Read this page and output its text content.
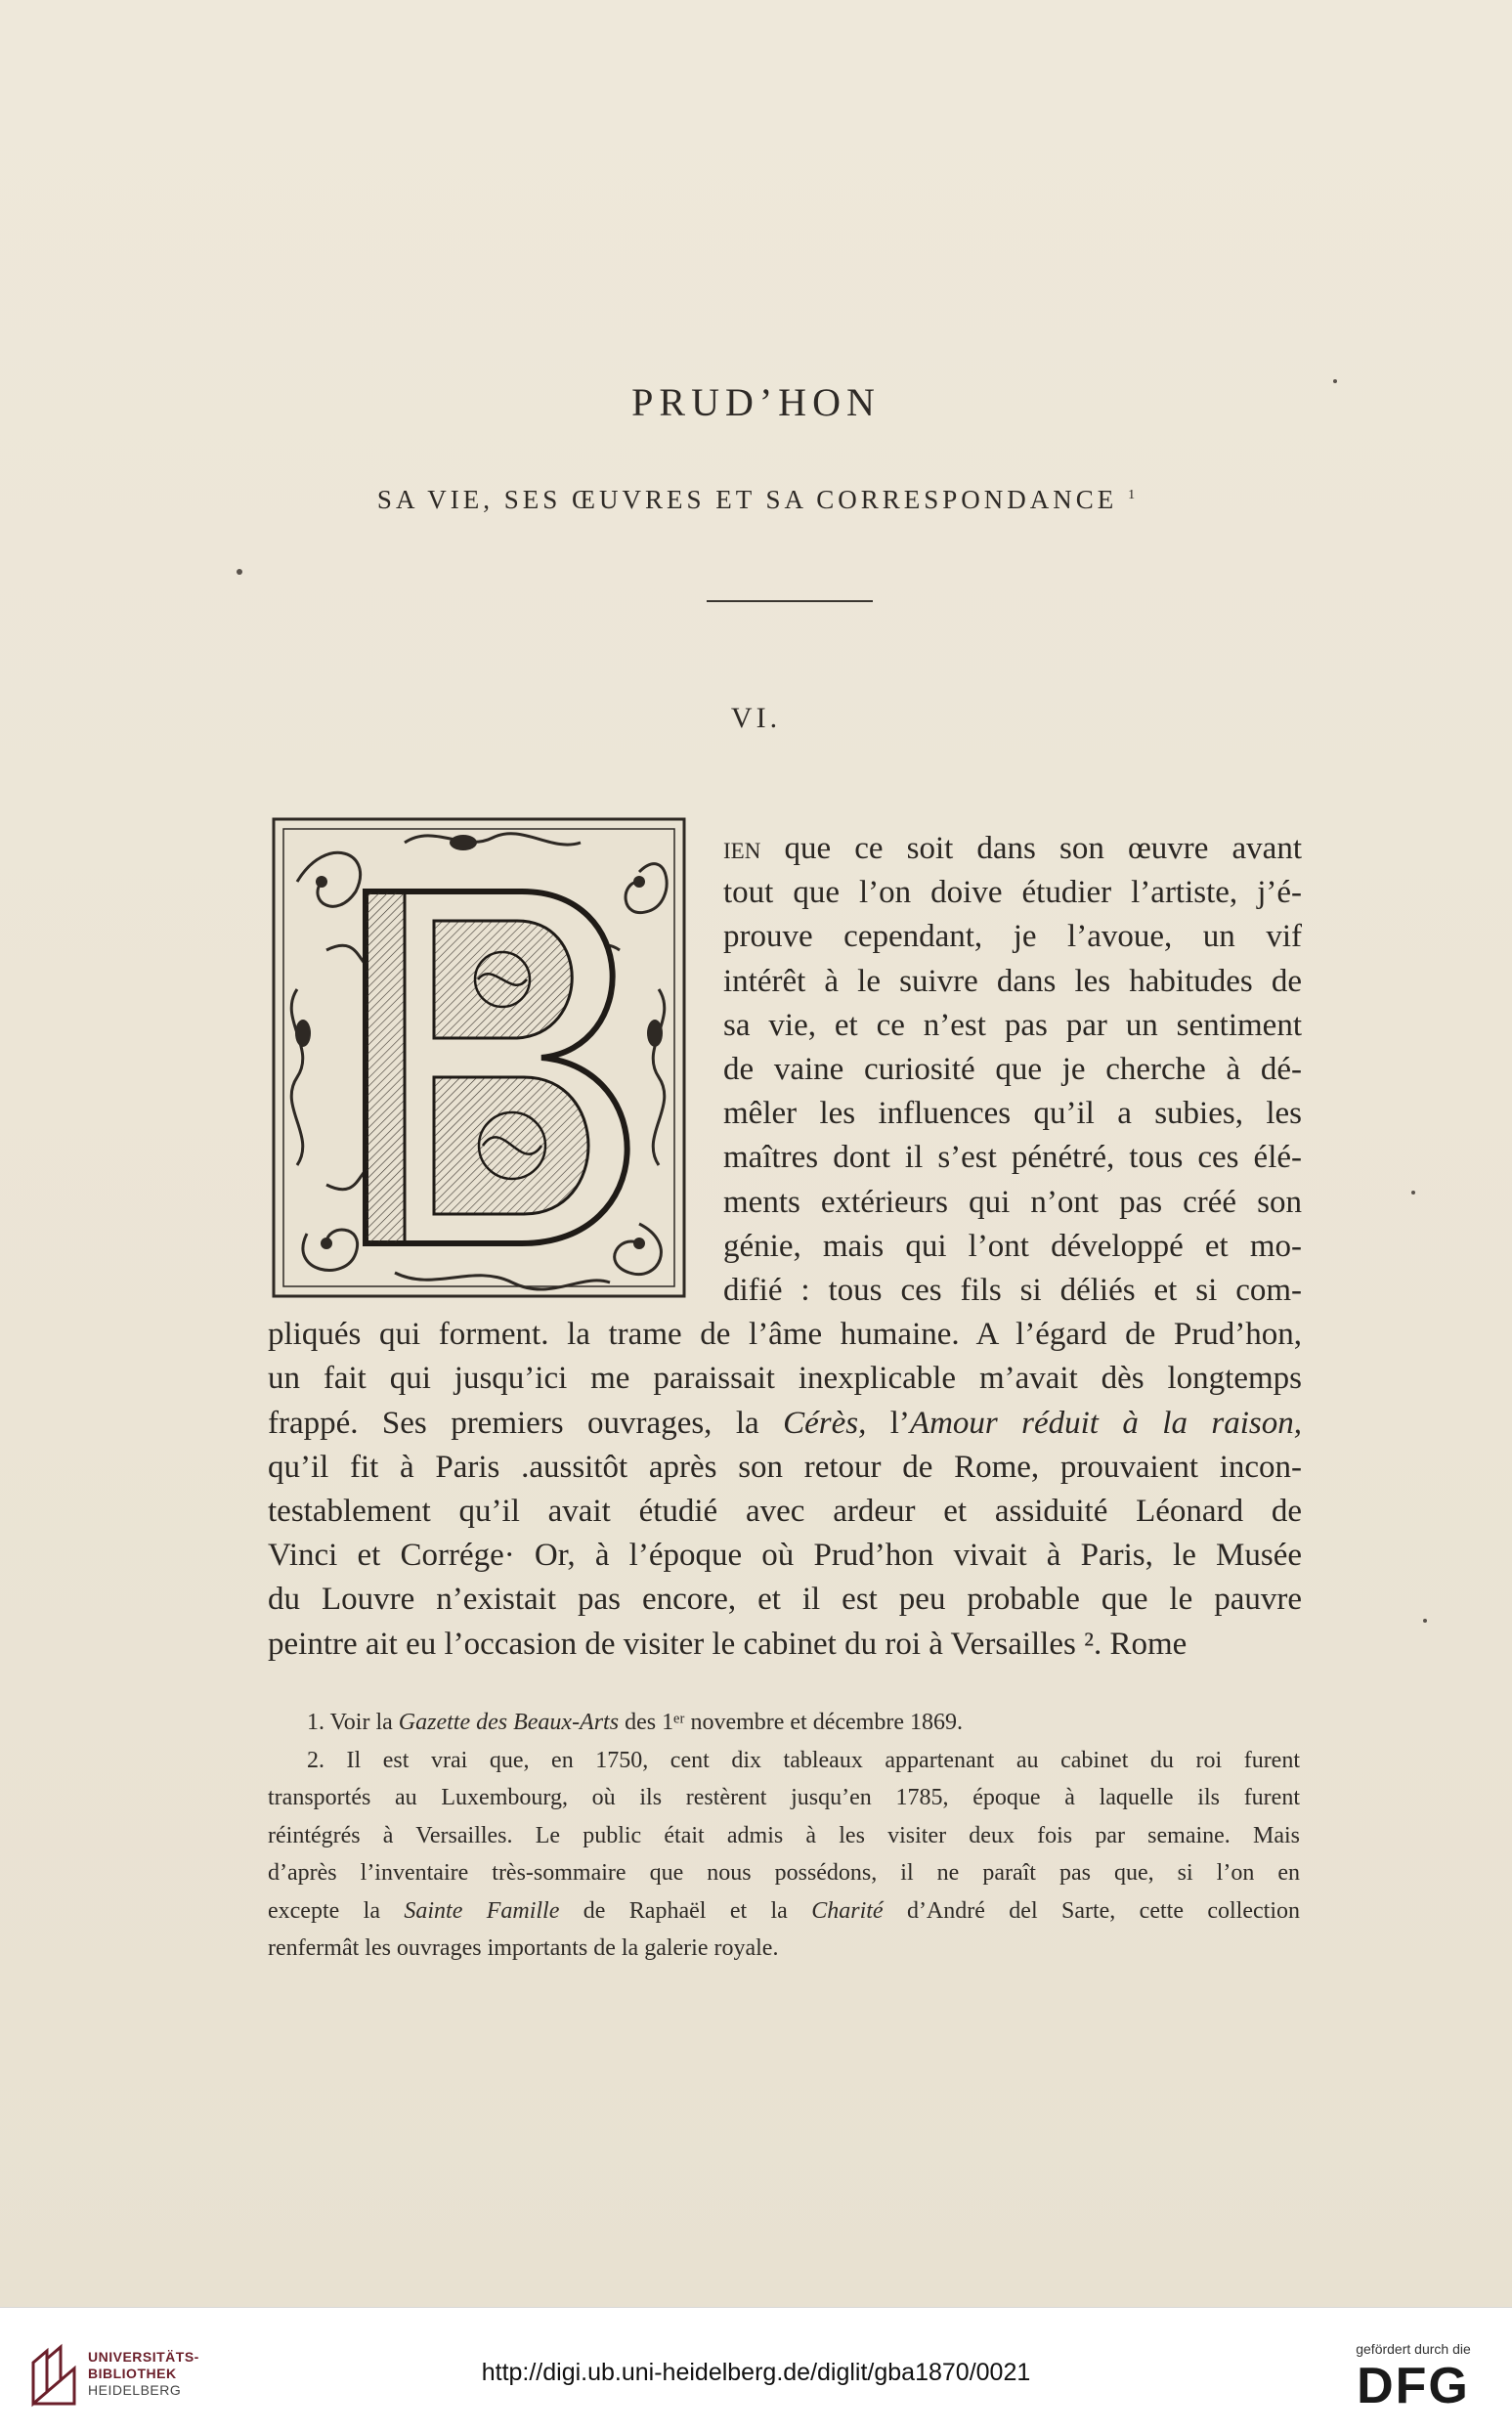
PRUD’HON
SA VIE, SES ŒUVRES ET SA CORRESPONDANCE $^1$
VI.
ien que ce soit dans son œuvre avant
tout que l’on doive étudier l’artiste, j’é-
prouve cependant, je l’avoue, un vif
intérêt à le suivre dans les habitudes de
sa vie, et ce n’est pas par un sentiment
de vaine curiosité que je cherche à dé-
mêler les influences qu’il a subies, les
maîtres dont il s’est pénétré, tous ces élé-
ments extérieurs qui n’ont pas créé son
génie, mais qui l’ont développé et mo-
difié : tous ces fils si déliés et si com-
pliqués qui forment. la trame de l’âme humaine. A l’égard de Prud’hon,
un fait qui jusqu’ici me paraissait inexplicable m’avait dès longtemps
frappé. Ses premiers ouvrages, la Cérès, l’Amour réduit à la raison,
qu’il fit à Paris .aussitôt après son retour de Rome, prouvaient incon-
testablement qu’il avait étudié avec ardeur et assiduité Léonard de
Vinci et Corrége· Or, à l’époque où Prud’hon vivait à Paris, le Musée
du Louvre n’existait pas encore, et il est peu probable que le pauvre
peintre ait eu l’occasion de visiter le cabinet du roi à Versailles ². Rome
1. Voir la Gazette des Beaux-Arts des 1ᵉʳ novembre et décembre 1869.
2. Il est vrai que, en 1750, cent dix tableaux appartenant au cabinet du roi furent
transportés au Luxembourg, où ils restèrent jusqu’en 1785, époque à laquelle ils furent
réintégrés à Versailles. Le public était admis à les visiter deux fois par semaine. Mais
d’après l’inventaire très-sommaire que nous possédons, il ne paraît pas que, si l’on en
excepte la Sainte Famille de Raphaël et la Charité d’André del Sarte, cette collection
renfermât les ouvrages importants de la galerie royale.
UNIVERSITÄTS-
BIBLIOTHEK
HEIDELBERG
http://digi.ub.uni-heidelberg.de/diglit/gba1870/0021
gefördert durch die
DFG
